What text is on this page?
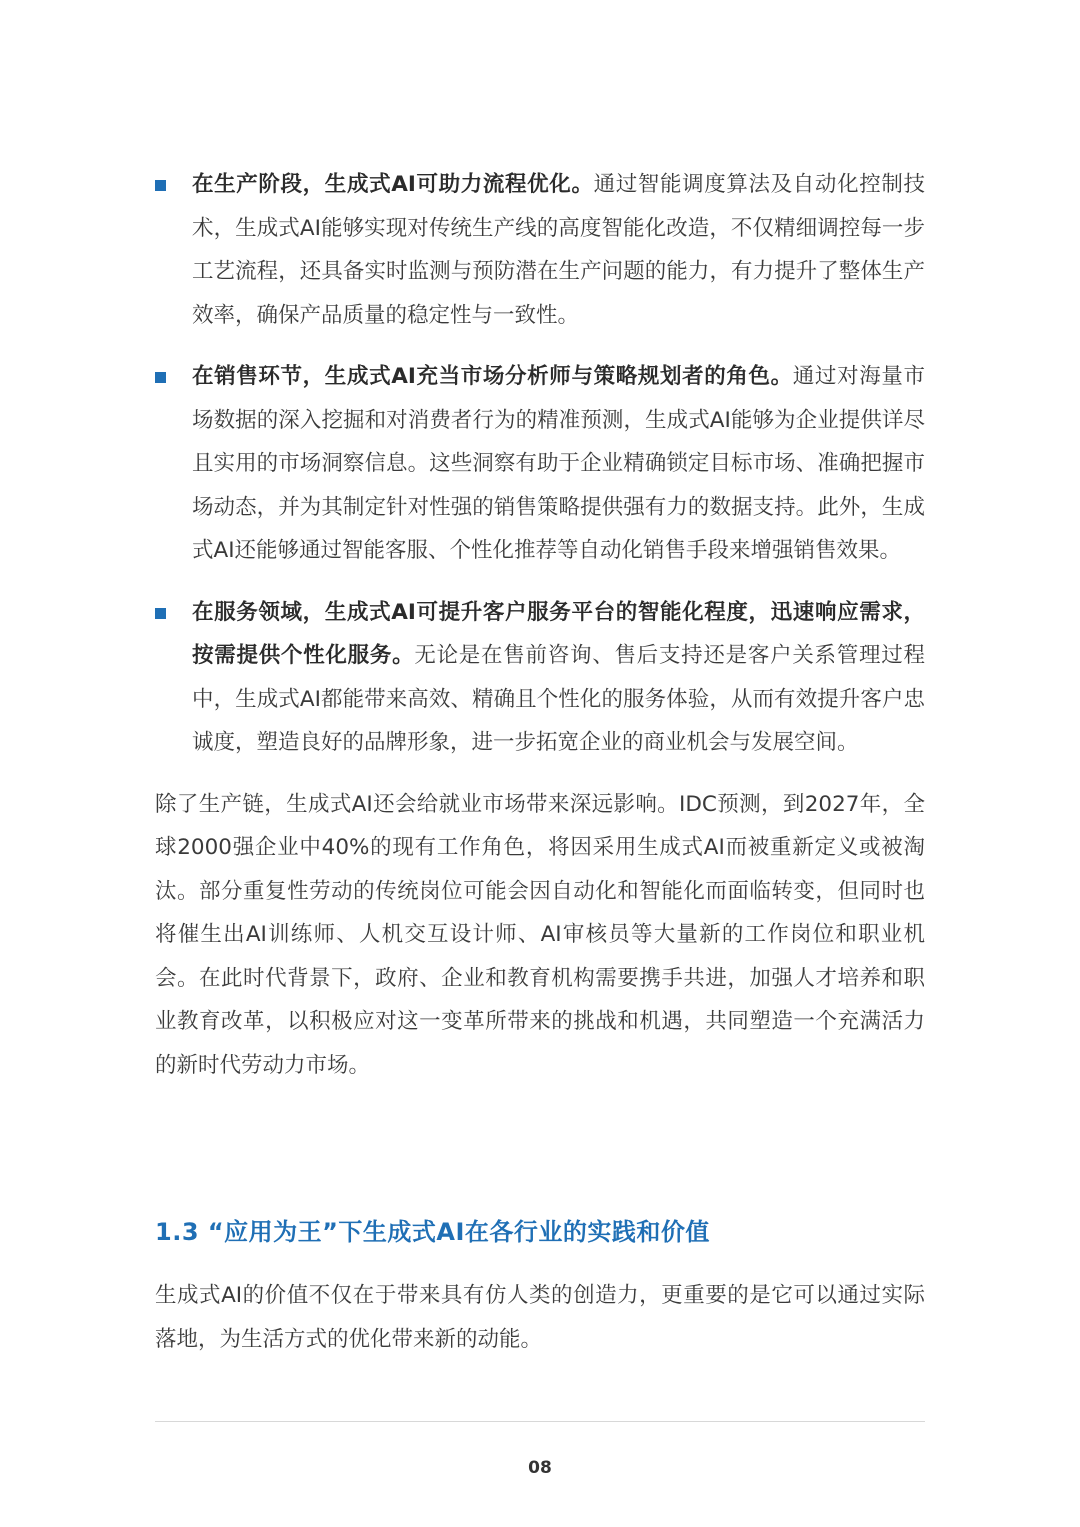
在生产阶段，生成式AI可助力流程优化。通过智能调度算法及自动化控制技术，生成式AI能够实现对传统生产线的高度智能化改造，不仅精细调控每一步工艺流程，还具备实时监测与预防潜在生产问题的能力，有力提升了整体生产效率，确保产品质量的稳定性与一致性。
在销售环节，生成式AI充当市场分析师与策略规划者的角色。通过对海量市场数据的深入挖掘和对消费者行为的精准预测，生成式AI能够为企业提供详尽且实用的市场洞察信息。这些洞察有助于企业精确锁定目标市场、准确把握市场动态，并为其制定针对性强的销售策略提供强有力的数据支持。此外，生成式AI还能够通过智能客服、个性化推荐等自动化销售手段来增强销售效果。
在服务领域，生成式AI可提升客户服务平台的智能化程度，迅速响应需求，按需提供个性化服务。无论是在售前咨询、售后支持还是客户关系管理过程中，生成式AI都能带来高效、精确且个性化的服务体验，从而有效提升客户忠诚度，塑造良好的品牌形象，进一步拓宽企业的商业机会与发展空间。

除了生产链，生成式AI还会给就业市场带来深远影响。IDC预测，到2027年，全球2000强企业中40%的现有工作角色，将因采用生成式AI而被重新定义或被淘汰。部分重复性劳动的传统岗位可能会因自动化和智能化而面临转变，但同时也将催生出AI训练师、人机交互设计师、AI审核员等大量新的工作岗位和职业机会。在此时代背景下，政府、企业和教育机构需要携手共进，加强人才培养和职业教育改革，以积极应对这一变革所带来的挑战和机遇，共同塑造一个充满活力的新时代劳动力市场。

1.3 “应用为王”下生成式AI在各行业的实践和价值
生成式AI的价值不仅在于带来具有仿人类的创造力，更重要的是它可以通过实际落地，为生活方式的优化带来新的动能。
08
